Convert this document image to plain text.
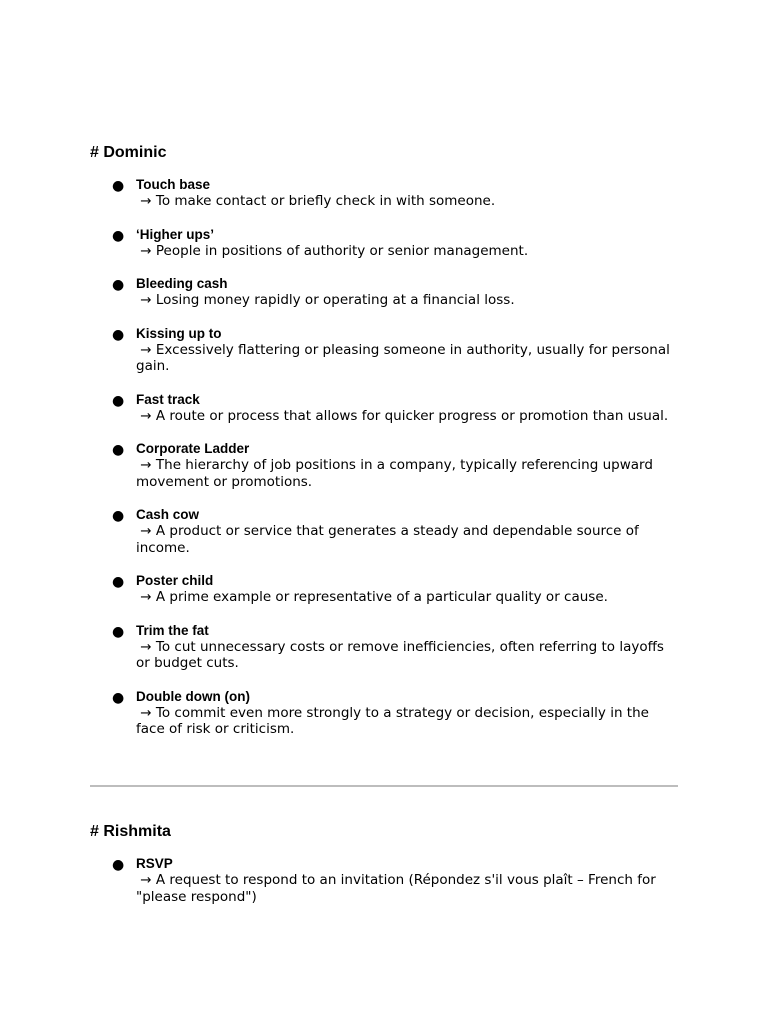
# Dominic
● Touch base
→ To make contact or briefly check in with someone.
● ‘Higher ups’
→ People in positions of authority or senior management.
● Bleeding cash
→ Losing money rapidly or operating at a financial loss.
● Kissing up to
→ Excessively flattering or pleasing someone in authority, usually for personal gain.
● Fast track
→ A route or process that allows for quicker progress or promotion than usual.
● Corporate Ladder
→ The hierarchy of job positions in a company, typically referencing upward movement or promotions.
● Cash cow
→ A product or service that generates a steady and dependable source of income.
● Poster child
→ A prime example or representative of a particular quality or cause.
● Trim the fat
→ To cut unnecessary costs or remove inefficiencies, often referring to layoffs or budget cuts.
● Double down (on)
→ To commit even more strongly to a strategy or decision, especially in the face of risk or criticism.
# Rishmita
● RSVP
→ A request to respond to an invitation (Répondez s'il vous plaît – French for "please respond")
